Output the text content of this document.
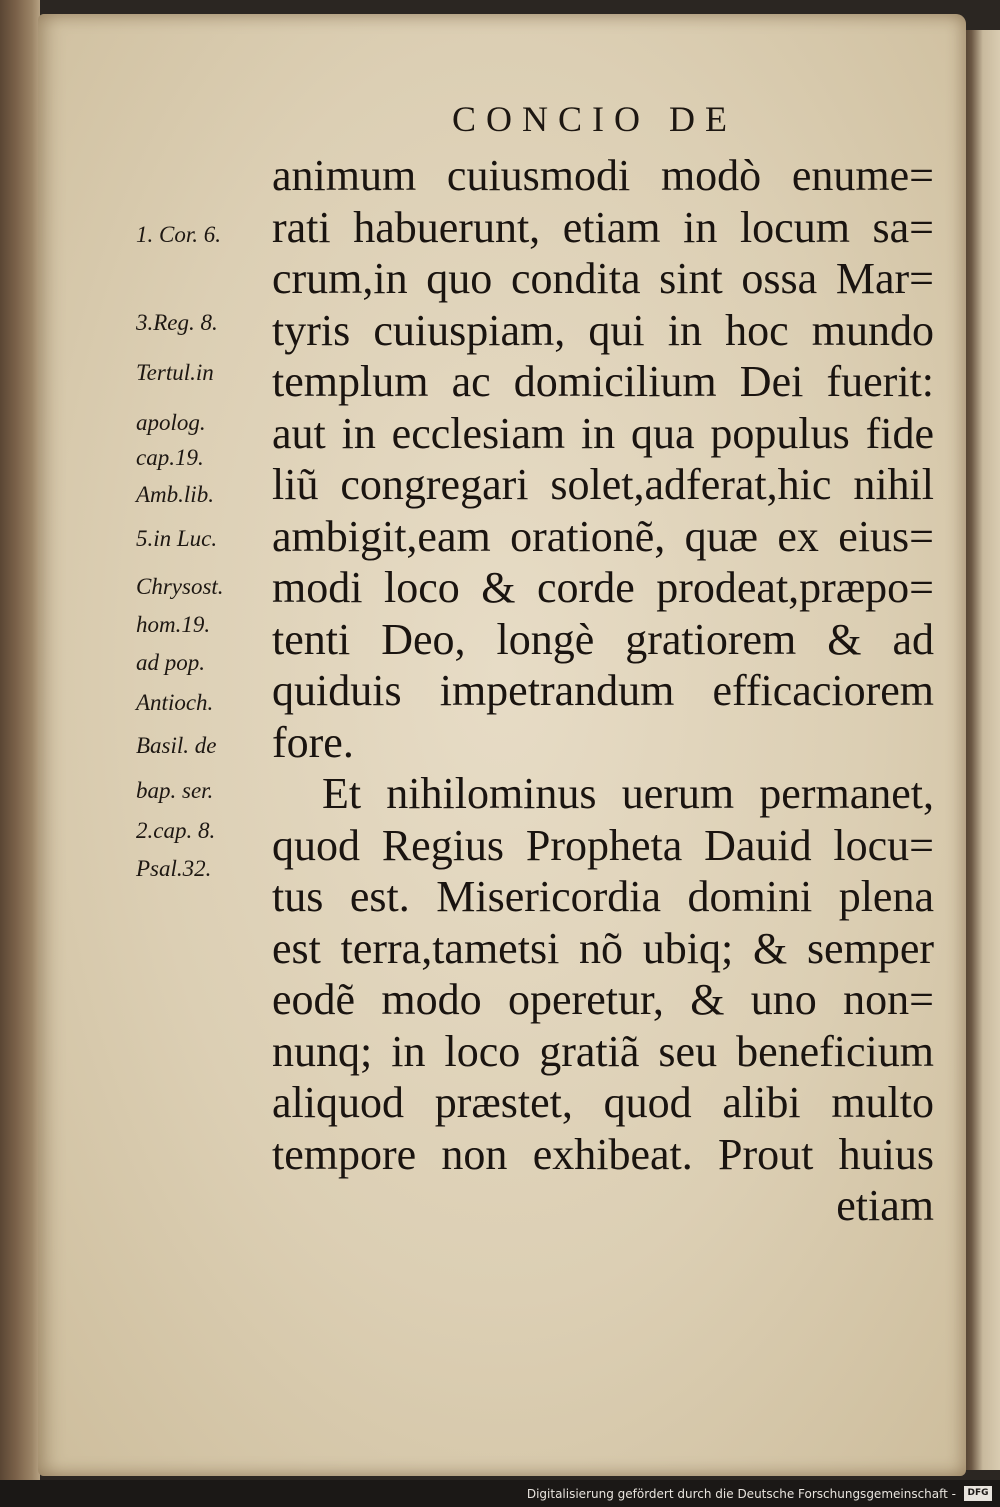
CONCIO DE
1. Cor. 6.
3.Reg. 8.
Tertul.in
apolog.
cap.19.
Amb.lib.
5.in Luc.
Chrysost.
hom.19.
ad pop.
Antioch.
Basil. de
bap. ser.
2.cap. 8.
Psal.32.
animum cuiusmodi modò enume=
rati habuerunt, etiam in locum sa=
crum,in quo condita sint ossa Mar=
tyris cuiuspiam, qui in hoc mundo
templum ac domicilium Dei fuerit:
aut in ecclesiam in qua populus fide
liũ congregari solet,adferat,hic nihil
ambigit,eam orationẽ, quæ ex eius=
modi loco & corde prodeat,præpo=
tenti Deo, longè gratiorem & ad
quiduis impetrandum efficaciorem
fore.
Et nihilominus uerum permanet,
quod Regius Propheta Dauid locu=
tus est. Misericordia domini plena
est terra,tametsi nõ ubiq; & semper
eodẽ modo operetur, & uno non=
nunq; in loco gratiã seu beneficium
aliquod præstet, quod alibi multo
tempore non exhibeat. Prout huius
etiam
Digitalisierung gefördert durch die Deutsche Forschungsgemeinschaft -	DFG
